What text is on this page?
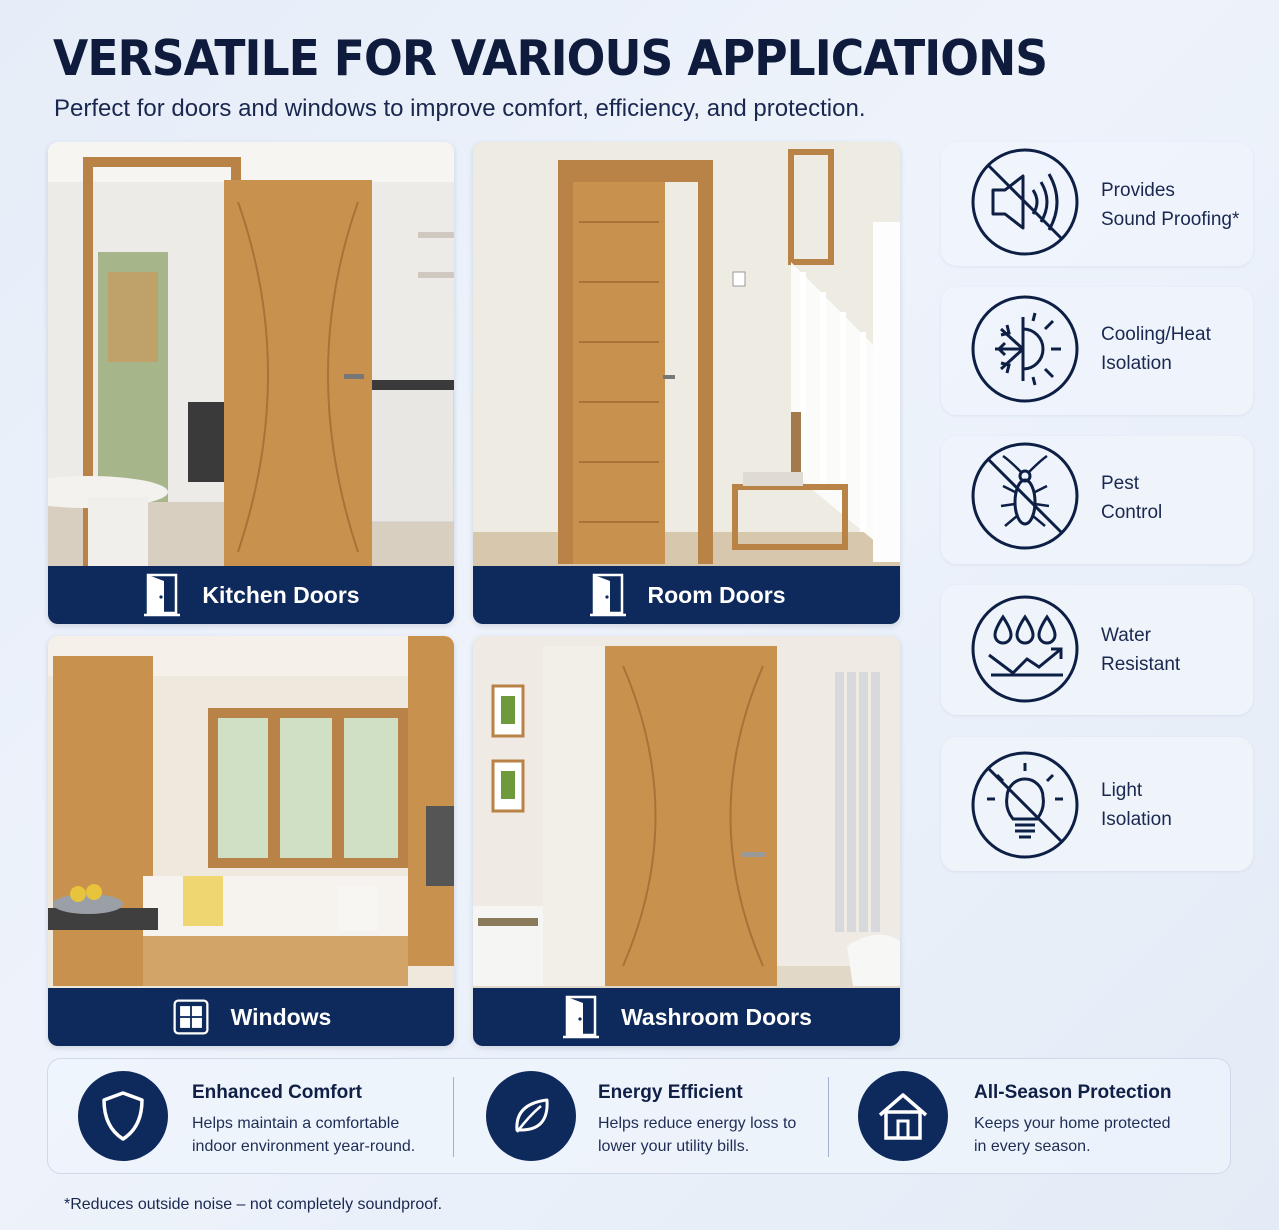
VERSATILE FOR VARIOUS APPLICATIONS
Perfect for doors and windows to improve comfort, efficiency, and protection.
Kitchen Doors	Room Doors
Windows	Washroom Doors
Provides
Sound Proofing*
Cooling/Heat
Isolation
Pest
Control
Water
Resistant
Light
Isolation
Enhanced Comfort
Helps maintain a comfortable
indoor environment year-round.
Energy Efficient
Helps reduce energy loss to
lower your utility bills.
All-Season Protection
Keeps your home protected
in every season.
*Reduces outside noise – not completely soundproof.
